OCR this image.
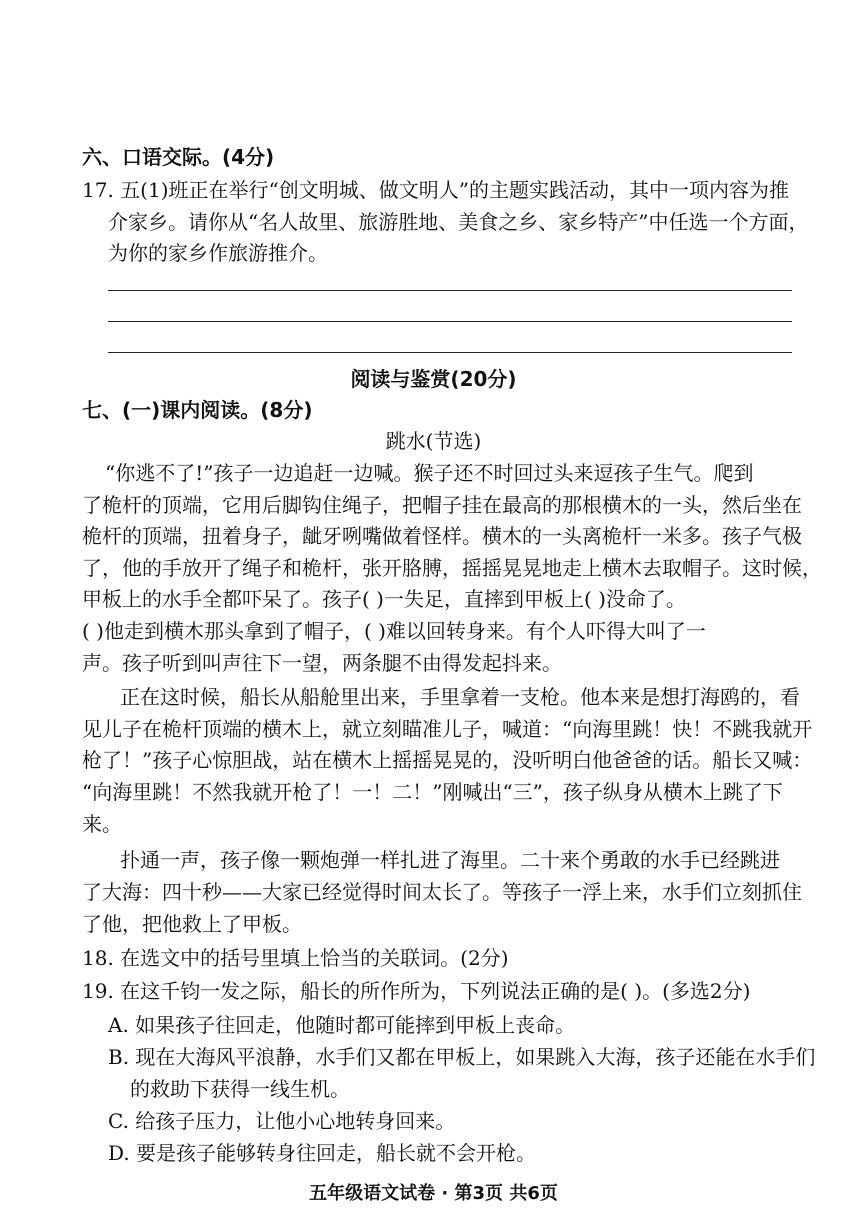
六、口语交际。(4分)
17. 五(1)班正在举行“创文明城、做文明人”的主题实践活动，其中一项内容为推
介家乡。请你从“名人故里、旅游胜地、美食之乡、家乡特产”中任选一个方面，
为你的家乡作旅游推介。
阅读与鉴赏(20分)
七、(一)课内阅读。(8分)
跳水(节选)
“你逃不了!”孩子一边追赶一边喊。猴子还不时回过头来逗孩子生气。爬到
了桅杆的顶端，它用后脚钩住绳子，把帽子挂在最高的那根横木的一头，然后坐在
桅杆的顶端，扭着身子，龇牙咧嘴做着怪样。横木的一头离桅杆一米多。孩子气极
了，他的手放开了绳子和桅杆，张开胳膊，摇摇晃晃地走上横木去取帽子。这时候，
甲板上的水手全都吓呆了。孩子( )一失足，直摔到甲板上( )没命了。
( )他走到横木那头拿到了帽子，( )难以回转身来。有个人吓得大叫了一
声。孩子听到叫声往下一望，两条腿不由得发起抖来。
正在这时候，船长从船舱里出来，手里拿着一支枪。他本来是想打海鸥的，看
见儿子在桅杆顶端的横木上，就立刻瞄准儿子，喊道：“向海里跳！快！不跳我就开
枪了！”孩子心惊胆战，站在横木上摇摇晃晃的，没听明白他爸爸的话。船长又喊：
“向海里跳！不然我就开枪了！一！二！”刚喊出“三”，孩子纵身从横木上跳了下
来。
扑通一声，孩子像一颗炮弹一样扎进了海里。二十来个勇敢的水手已经跳进
了大海：四十秒——大家已经觉得时间太长了。等孩子一浮上来，水手们立刻抓住
了他，把他救上了甲板。
18. 在选文中的括号里填上恰当的关联词。(2分)
19. 在这千钧一发之际，船长的所作所为，下列说法正确的是( )。(多选2分)
A. 如果孩子往回走，他随时都可能摔到甲板上丧命。
B. 现在大海风平浪静，水手们又都在甲板上，如果跳入大海，孩子还能在水手们
的救助下获得一线生机。
C. 给孩子压力，让他小心地转身回来。
D. 要是孩子能够转身往回走，船长就不会开枪。
五年级语文试卷 · 第3页 共6页
